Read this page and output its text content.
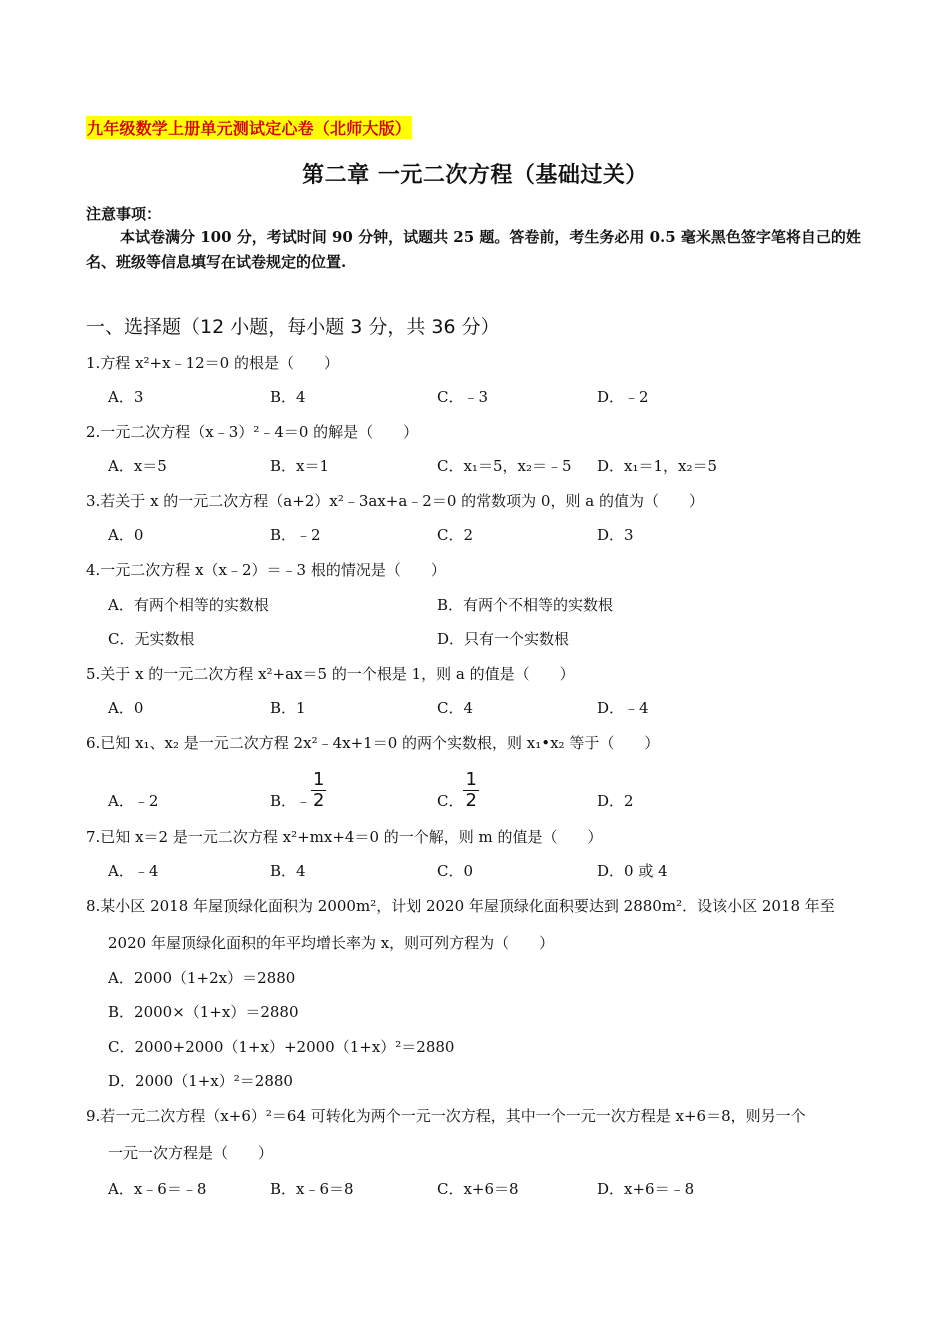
九年级数学上册单元测试定心卷（北师大版）
第二章 一元二次方程（基础过关）
注意事项：
本试卷满分 100 分，考试时间 90 分钟，试题共 25 题。答卷前，考生务必用 0.5 毫米黑色签字笔将自己的姓名、班级等信息填写在试卷规定的位置.
一、选择题（12 小题，每小题 3 分，共 36 分）
1.方程 x²+x﹣12＝0 的根是（　　）
A．3	B．4	C．﹣3	D．﹣2
2.一元二次方程（x﹣3）²﹣4＝0 的解是（　　）
A．x＝5	B．x＝1	C．x₁＝5，x₂＝﹣5 D．x₁＝1，x₂＝5
3.若关于 x 的一元二次方程（a+2）x²﹣3ax+a﹣2＝0 的常数项为 0，则 a 的值为（　　）
A．0	B．﹣2	C．2	D．3
4.一元二次方程 x（x﹣2）＝﹣3 根的情况是（　　）
A．有两个相等的实数根	B．有两个不相等的实数根
C．无实数根	D．只有一个实数根
5.关于 x 的一元二次方程 x²+ax＝5 的一个根是 1，则 a 的值是（　　）
A．0	B．1	C．4	D．﹣4
6.已知 x₁、x₂ 是一元二次方程 2x²﹣4x+1＝0 的两个实数根，则 x₁•x₂ 等于（　　）
A．﹣2	B．﹣ $\frac{1}{2}$	C． $\frac{1}{2}$	D．2
7.已知 x＝2 是一元二次方程 x²+mx+4＝0 的一个解，则 m 的值是（　　）
A．﹣4	B．4	C．0	D．0 或 4
8.某小区 2018 年屋顶绿化面积为 2000m²，计划 2020 年屋顶绿化面积要达到 2880m²．设该小区 2018 年至
2020 年屋顶绿化面积的年平均增长率为 x，则可列方程为（　　）
A．2000（1+2x）＝2880
B．2000×（1+x）＝2880
C．2000+2000（1+x）+2000（1+x）²＝2880
D．2000（1+x）²＝2880
9.若一元二次方程（x+6）²＝64 可转化为两个一元一次方程，其中一个一元一次方程是 x+6＝8，则另一个
一元一次方程是（　　）
A．x﹣6＝﹣8	B．x﹣6＝8	C．x+6＝8	D．x+6＝﹣8
